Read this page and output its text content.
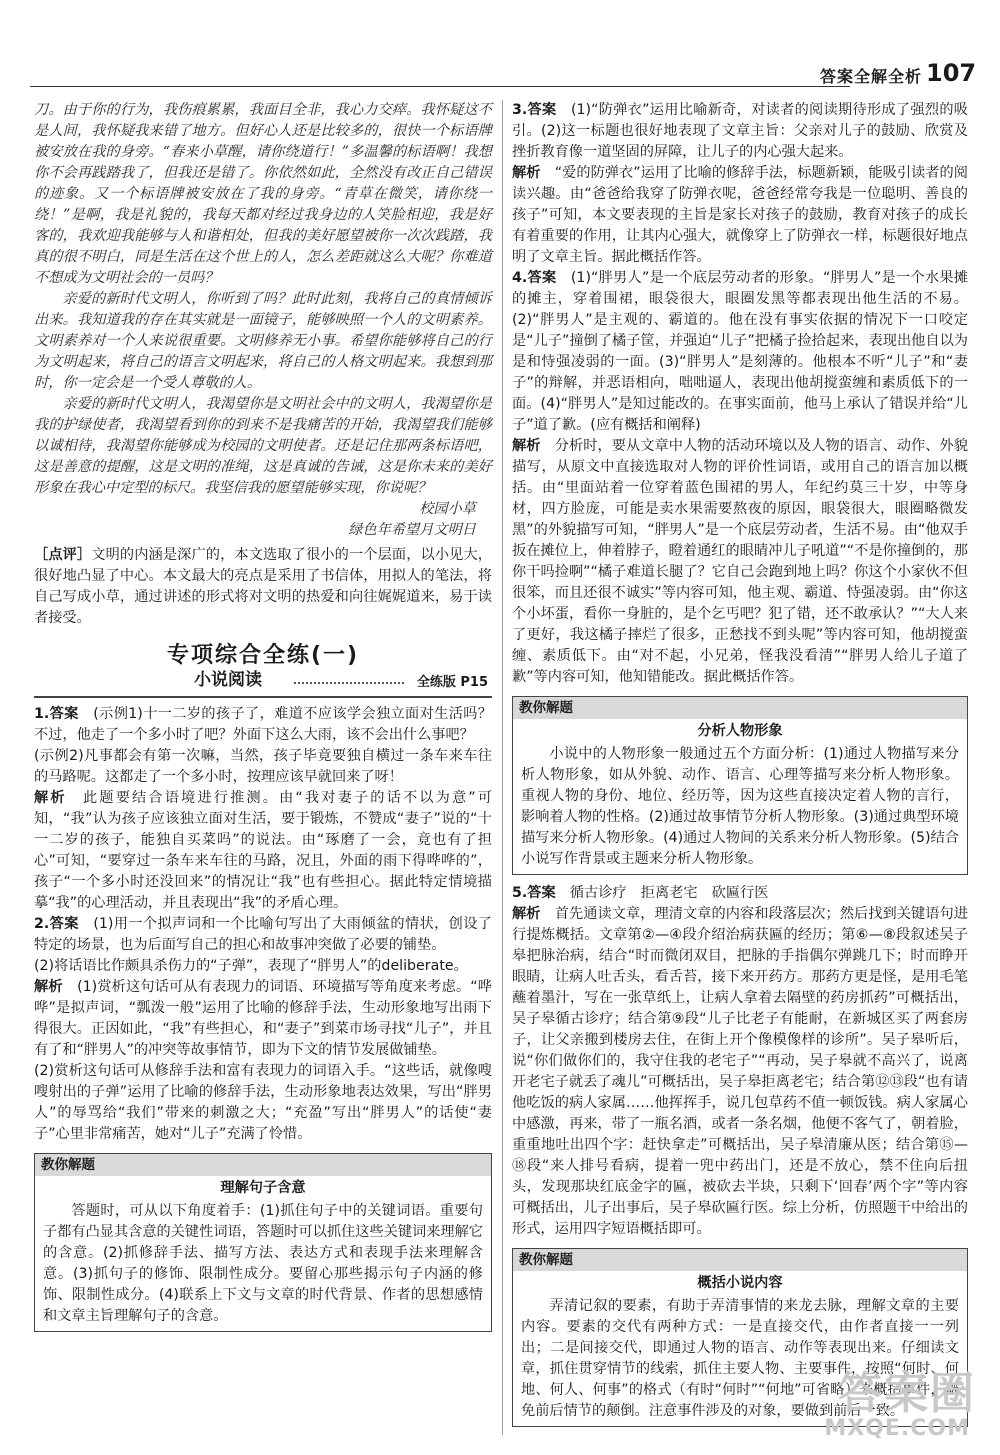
答案全解全析 107

刀。由于你的行为，我伤痕累累，我面目全非，我心力交瘁。我怀疑这不是人间，我怀疑我来错了地方。但好心人还是比较多的，很快一个标语牌被安放在我的身旁。“春来小草醒，请你绕道行！”多温馨的标语啊！我想你不会再践踏我了，但我还是错了。你依然如此，全然没有改正自己错误的迹象。又一个标语牌被安放在了我的身旁。“青草在微笑，请你绕一绕！”是啊，我是礼貌的，我每天都对经过我身边的人笑脸相迎，我是好客的，我欢迎我能够与人和谐相处，但我的美好愿望被你一次次践踏，我真的很不明白，同是生活在这个世上的人，怎么差距就这么大呢？你难道不想成为文明社会的一员吗？

亲爱的新时代文明人，你听到了吗？此时此刻，我将自己的真情倾诉出来。我知道我的存在其实就是一面镜子，能够映照一个人的文明素养。文明素养对一个人来说很重要。文明修养无小事。希望你能够将自己的行为文明起来，将自己的语言文明起来，将自己的人格文明起来。我想到那时，你一定会是一个受人尊敬的人。

亲爱的新时代文明人，我渴望你是文明社会中的文明人，我渴望你是我的护绿使者，我渴望看到你的到来不是我痛苦的开始，我渴望我们能够以诚相待，我渴望你能够成为校园的文明使者。还是记住那两条标语吧，这是善意的提醒，这是文明的准绳，这是真诚的告诫，这是你未来的美好形象在我心中定型的标尺。我坚信我的愿望能够实现，你说呢？

校园小草

绿色年希望月文明日

［点评］文明的内涵是深广的，本文选取了很小的一个层面，以小见大，很好地凸显了中心。本文最大的亮点是采用了书信体，用拟人的笔法，将自己写成小草，通过讲述的形式将对文明的热爱和向往娓娓道来，易于读者接受。

专项综合全练(一)
小说阅读	全练版 P15

1.答案　 (示例1)十一二岁的孩子了，难道不应该学会独立面对生活吗？不过，他走了一个多小时了吧？外面下这么大雨，该不会出什么事吧？

(示例2)凡事都会有第一次嘛，当然，孩子毕竟要独自横过一条车来车往的马路呢。这都走了一个多小时，按理应该早就回来了呀！

解析　 此题要结合语境进行推测。由“我对妻子的话不以为意”可知，“我”认为孩子应该独立面对生活，要于锻炼，不赞成“妻子”说的“十一二岁的孩子，能独自买菜吗”的说法。由“琢磨了一会，竟也有了担心”可知，“要穿过一条车来车往的马路，况且，外面的雨下得哗哗的”，孩子“一个多小时还没回来”的情况让“我”也有些担心。据此特定情境描摹“我”的心理活动，并且表现出“我”的矛盾心理。

2.答案　 (1)用一个拟声词和一个比喻句写出了大雨倾盆的情状，创设了特定的场景，也为后面写自己的担心和故事冲突做了必要的铺垫。

(2)将话语比作颇具杀伤力的“子弹”，表现了“胖男人”的deliberate。

解析　 (1)赏析这句话可从有表现力的词语、环境描写等角度来考虑。“哗哗”是拟声词，“瓢泼一般”运用了比喻的修辞手法，生动形象地写出雨下得很大。正因如此，“我”有些担心，和“妻子”到菜市场寻找“儿子”，并且有了和“胖男人”的冲突等故事情节，即为下文的情节发展做铺垫。

(2)赏析这句话可从修辞手法和富有表现力的词语入手。“这些话，就像嗖嗖射出的子弹”运用了比喻的修辞手法，生动形象地表达效果，写出“胖男人”的辱骂给“我们”带来的刺激之大；“充盈”写出“胖男人”的话使“妻子”心里非常痛苦，她对“儿子”充满了怜惜。

教你解题
理解句子含意

答题时，可从以下角度着手：(1)抓住句子中的关键词语。重要句子都有凸显其含意的关键性词语，答题时可以抓住这些关键词来理解它的含意。(2)抓修辞手法、描写方法、表达方式和表现手法来理解含意。(3)抓句子的修饰、限制性成分。要留心那些揭示句子内涵的修饰、限制性成分。(4)联系上下文与文章的时代背景、作者的思想感情和文章主旨理解句子的含意。

3.答案　 (1)“防弹衣”运用比喻新奇，对读者的阅读期待形成了强烈的吸引。(2)这一标题也很好地表现了文章主旨：父亲对儿子的鼓励、欣赏及挫折教育像一道坚固的屏障，让儿子的内心强大起来。

解析　 “爱的防弹衣”运用了比喻的修辞手法，标题新颖，能吸引读者的阅读兴趣。由“爸爸给我穿了防弹衣呢，爸爸经常夸我是一位聪明、善良的孩子”可知，本文要表现的主旨是家长对孩子的鼓励，教育对孩子的成长有着重要的作用，让其内心强大，就像穿上了防弹衣一样，标题很好地点明了文章主旨。据此概括作答。

4.答案　 (1)“胖男人”是一个底层劳动者的形象。“胖男人”是一个水果摊的摊主，穿着围裙，眼袋很大，眼圈发黑等都表现出他生活的不易。(2)“胖男人”是主观的、霸道的。他在没有事实依据的情况下一口咬定是“儿子”撞倒了橘子筐，并强迫“儿子”把橘子捡拾起来，表现出他自以为是和恃强凌弱的一面。(3)“胖男人”是刻薄的。他根本不听“儿子”和“妻子”的辩解，并恶语相向，咄咄逼人，表现出他胡搅蛮缠和素质低下的一面。(4)“胖男人”是知过能改的。在事实面前，他马上承认了错误并给“儿子”道了歉。(应有概括和阐释)

解析　 分析时，要从文章中人物的活动环境以及人物的语言、动作、外貌描写，从原文中直接选取对人物的评价性词语，或用自己的语言加以概括。由“里面站着一位穿着蓝色围裙的男人，年纪约莫三十岁，中等身材，四方脸庞，可能是卖水果需要熬夜的原因，眼袋很大，眼圈略微发黑”的外貌描写可知，“胖男人”是一个底层劳动者，生活不易。由“他双手扳在摊位上，伸着脖子，瞪着通红的眼睛冲儿子吼道”“不是你撞倒的，那你干吗捡啊”“橘子难道长腿了？它自己会跑到地上吗？你这个小家伙不但很笨，而且还很不诚实”等内容可知，他主观、霸道、恃强凌弱。由“你这个小坏蛋，看你一身脏的，是个乞丐吧？犯了错，还不敢承认？”“大人来了更好，我这橘子摔烂了很多，正愁找不到头呢”等内容可知，他胡搅蛮缠、素质低下。由“对不起，小兄弟，怪我没看清”“胖男人给儿子道了歉”等内容可知，他知错能改。据此概括作答。

教你解题
分析人物形象

小说中的人物形象一般通过五个方面分析：(1)通过人物描写来分析人物形象，如从外貌、动作、语言、心理等描写来分析人物形象。重视人物的身份、地位、经历等，因为这些直接决定着人物的言行，影响着人物的性格。(2)通过故事情节分析人物形象。(3)通过典型环境描写来分析人物形象。(4)通过人物间的关系来分析人物形象。(5)结合小说写作背景或主题来分析人物形象。

5.答案　 循古诊疗　拒离老宅　砍匾行医

解析　 首先通读文章，理清文章的内容和段落层次；然后找到关键语句进行提炼概括。文章第②—④段介绍治病获匾的经历；第⑥—⑧段叙述吴子皋把脉治病，结合“时而微闭双目，把脉的手指偶尔弹跳几下；时而睁开眼睛，让病人吐舌头，看舌苔，接下来开药方。那药方更是怪，是用毛笔蘸着墨汁，写在一张草纸上，让病人拿着去隔壁的药房抓药”可概括出，吴子皋循古诊疗；结合第⑨段“儿子比老子有能耐，在新城区买了两套房子，让父亲搬到楼房去住，在街上开个像模像样的诊所”。吴子皋听后，说“你们做你们的，我守住我的老宅子”“再动，吴子皋就不高兴了，说离开老宅子就丢了魂儿”可概括出，吴子皋拒离老宅；结合第⑫⑬段“也有请他吃饭的病人家属……他挥挥手，说几包草药不值一顿饭钱。病人家属心中感激，再来，带了一瓶名酒，或者一条名烟，他便不客气了，朝着脸，重重地吐出四个字：赶快拿走”可概括出，吴子皋清廉从医；结合第⑮—⑱段“来人排号看病，提着一兜中药出门，还是不放心，禁不住向后扭头，发现那块红底金字的匾，被砍去半块，只剩下‘回春’两个字”等内容可概括出，儿子出事后，吴子皋砍匾行医。综上分析，仿照题干中给出的形式，运用四字短语概括即可。

教你解题
概括小说内容

弄清记叙的要素，有助于弄清事情的来龙去脉，理解文章的主要内容。要素的交代有两种方式：一是直接交代，由作者直接一一列出；二是间接交代，即通过人物的语言、动作等表现出来。仔细读文章，抓住贯穿情节的线索，抓住主要人物、主要事件，按照“何时、何地、何人、何事”的格式（有时“何时”“何地”可省略）来概括事件，避免前后情节的颠倒。注意事件涉及的对象，要做到前后一致。

答案圈
MXQE.COM
